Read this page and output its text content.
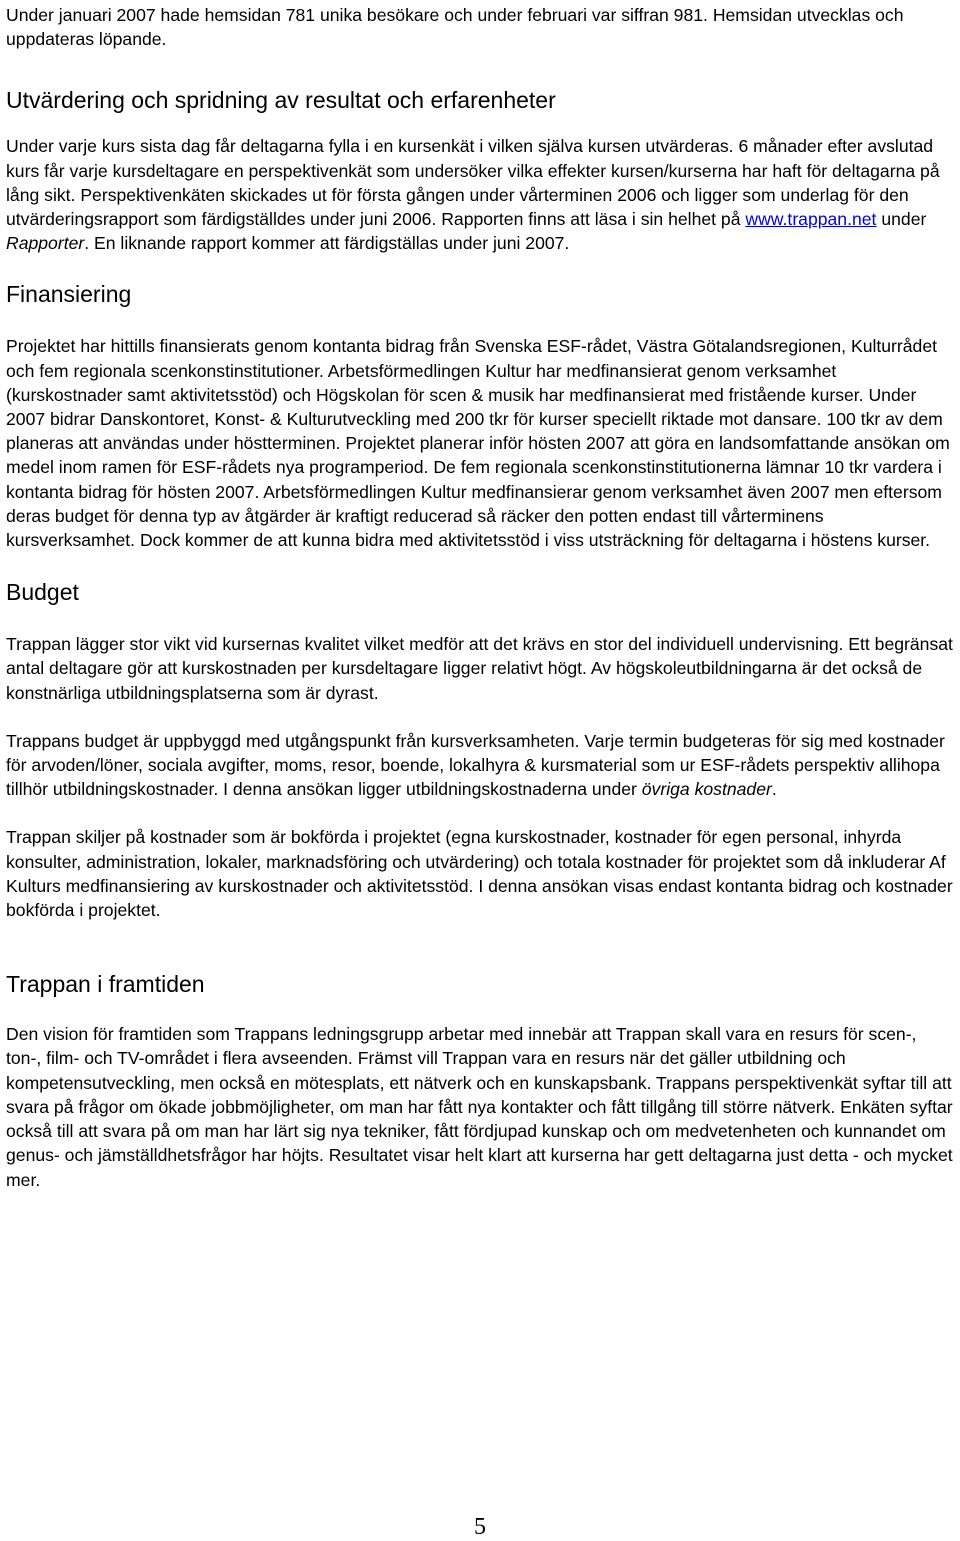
Under januari 2007 hade hemsidan 781 unika besökare och under februari var siffran 981. Hemsidan utvecklas och uppdateras löpande.

Utvärdering och spridning av resultat och erfarenheter

Under varje kurs sista dag får deltagarna fylla i en kursenkät i vilken själva kursen utvärderas. 6 månader efter avslutad kurs får varje kursdeltagare en perspektivenkät som undersöker vilka effekter kursen/kurserna har haft för deltagarna på lång sikt. Perspektivenkäten skickades ut för första gången under vårterminen 2006 och ligger som underlag för den utvärderingsrapport som färdigställdes under juni 2006. Rapporten finns att läsa i sin helhet på www.trappan.net under Rapporter. En liknande rapport kommer att färdigställas under juni 2007.

Finansiering

Projektet har hittills finansierats genom kontanta bidrag från Svenska ESF-rådet, Västra Götalandsregionen, Kulturrådet och fem regionala scenkonstinstitutioner. Arbetsförmedlingen Kultur har medfinansierat genom verksamhet (kurskostnader samt aktivitetsstöd) och Högskolan för scen & musik har medfinansierat med fristående kurser. Under 2007 bidrar Danskontoret, Konst- & Kulturutveckling med 200 tkr för kurser speciellt riktade mot dansare. 100 tkr av dem planeras att användas under höstterminen. Projektet planerar inför hösten 2007 att göra en landsomfattande ansökan om medel inom ramen för ESF-rådets nya programperiod. De fem regionala scenkonstinstitutionerna lämnar 10 tkr vardera i kontanta bidrag för hösten 2007. Arbetsförmedlingen Kultur medfinansierar genom verksamhet även 2007 men eftersom deras budget för denna typ av åtgärder är kraftigt reducerad så räcker den potten endast till vårterminens kursverksamhet. Dock kommer de att kunna bidra med aktivitetsstöd i viss utsträckning för deltagarna i höstens kurser.

Budget

Trappan lägger stor vikt vid kursernas kvalitet vilket medför att det krävs en stor del individuell undervisning. Ett begränsat antal deltagare gör att kurskostnaden per kursdeltagare ligger relativt högt. Av högskoleutbildningarna är det också de konstnärliga utbildningsplatserna som är dyrast.

Trappans budget är uppbyggd med utgångspunkt från kursverksamheten. Varje termin budgeteras för sig med kostnader för arvoden/löner, sociala avgifter, moms, resor, boende, lokalhyra & kursmaterial som ur ESF-rådets perspektiv allihopa tillhör utbildningskostnader. I denna ansökan ligger utbildningskostnaderna under övriga kostnader.

Trappan skiljer på kostnader som är bokförda i projektet (egna kurskostnader, kostnader för egen personal, inhyrda konsulter, administration, lokaler, marknadsföring och utvärdering) och totala kostnader för projektet som då inkluderar Af Kulturs medfinansiering av kurskostnader och aktivitetsstöd. I denna ansökan visas endast kontanta bidrag och kostnader bokförda i projektet.

Trappan i framtiden

Den vision för framtiden som Trappans ledningsgrupp arbetar med innebär att Trappan skall vara en resurs för scen-, ton-, film- och TV-området i flera avseenden. Främst vill Trappan vara en resurs när det gäller utbildning och kompetensutveckling, men också en mötesplats, ett nätverk och en kunskapsbank. Trappans perspektivenkät syftar till att svara på frågor om ökade jobbmöjligheter, om man har fått nya kontakter och fått tillgång till större nätverk. Enkäten syftar också till att svara på om man har lärt sig nya tekniker, fått fördjupad kunskap och om medvetenheten och kunnandet om genus- och jämställdhetsfrågor har höjts. Resultatet visar helt klart att kurserna har gett deltagarna just detta - och mycket mer.

5
